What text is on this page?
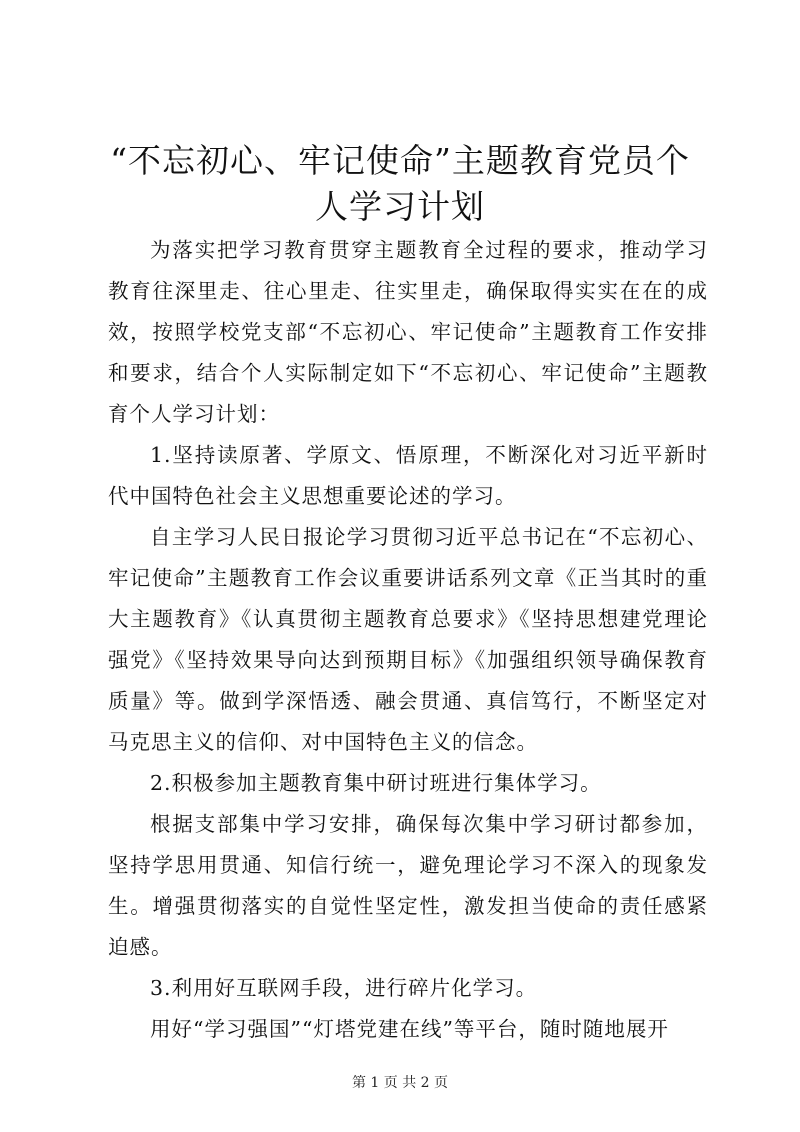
“不忘初心、牢记使命”主题教育党员个人学习计划

为落实把学习教育贯穿主题教育全过程的要求，推动学习教育往深里走、往心里走、往实里走，确保取得实实在在的成效，按照学校党支部“不忘初心、牢记使命”主题教育工作安排和要求，结合个人实际制定如下“不忘初心、牢记使命”主题教育个人学习计划：

1.坚持读原著、学原文、悟原理，不断深化对习近平新时代中国特色社会主义思想重要论述的学习。

自主学习人民日报论学习贯彻习近平总书记在“不忘初心、牢记使命”主题教育工作会议重要讲话系列文章《正当其时的重大主题教育》《认真贯彻主题教育总要求》《坚持思想建党理论强党》《坚持效果导向达到预期目标》《加强组织领导确保教育质量》等。做到学深悟透、融会贯通、真信笃行，不断坚定对马克思主义的信仰、对中国特色主义的信念。

2.积极参加主题教育集中研讨班进行集体学习。

根据支部集中学习安排，确保每次集中学习研讨都参加，坚持学思用贯通、知信行统一，避免理论学习不深入的现象发生。增强贯彻落实的自觉性坚定性，激发担当使命的责任感紧迫感。

3.利用好互联网手段，进行碎片化学习。

用好“学习强国”“灯塔党建在线”等平台，随时随地展开

第 1 页 共 2 页
